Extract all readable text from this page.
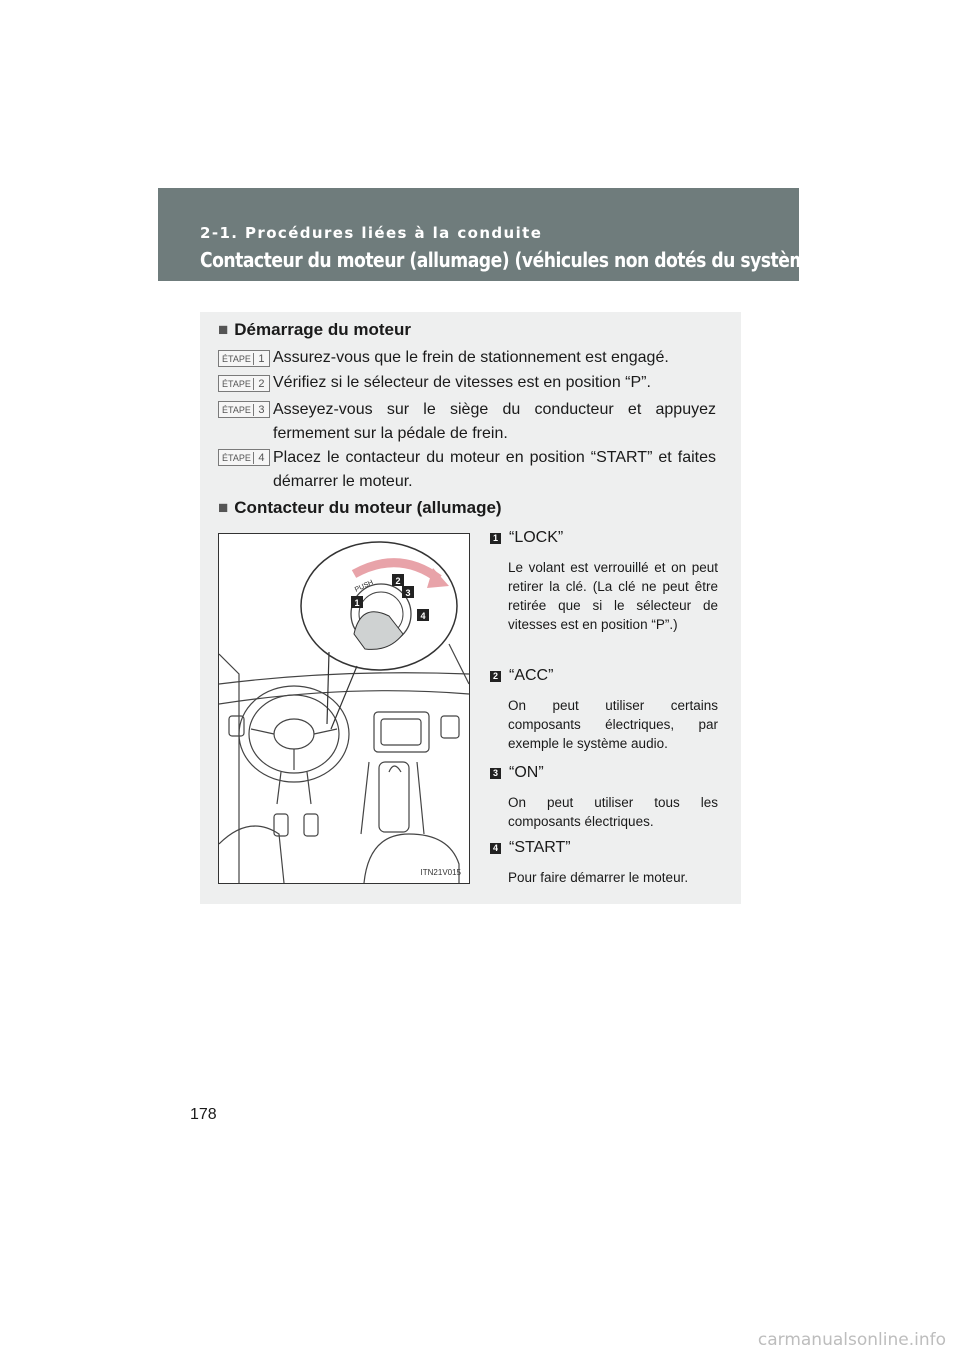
2-1. Procédures liées à la conduite
Contacteur du moteur (allumage) (véhicules non dotés du système Smart key)
■ Démarrage du moteur
ÉTAPE 1 Assurez-vous que le frein de stationnement est engagé.
ÉTAPE 2 Vérifiez si le sélecteur de vitesses est en position “P”.
ÉTAPE 3 Asseyez-vous sur le siège du conducteur et appuyez fermement sur la pédale de frein.
ÉTAPE 4 Placez le contacteur du moteur en position “START” et faites démarrer le moteur.
■ Contacteur du moteur (allumage)
PUSH
1
2
3
4
ITN21V015
1 “LOCK”
Le volant est verrouillé et on peut retirer la clé. (La clé ne peut être retirée que si le sélecteur de vitesses est en position “P”.)
2 “ACC”
On peut utiliser certains composants électriques, par exemple le système audio.
3 “ON”
On peut utiliser tous les composants électriques.
4 “START”
Pour faire démarrer le moteur.
178
carmanualsonline.info
